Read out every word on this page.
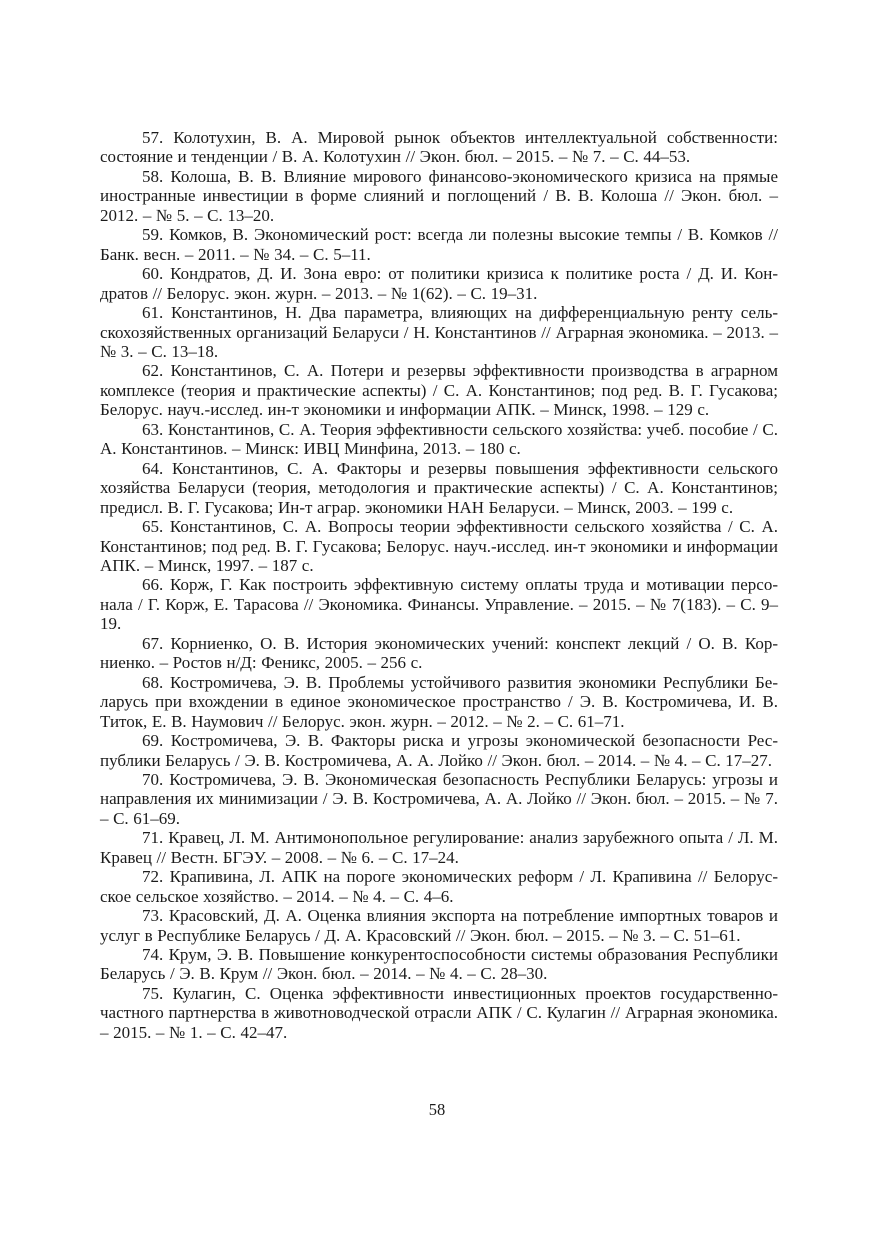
57. Колотухин, В. А. Мировой рынок объектов интеллектуальной собственности: состояние и тенденции / В. А. Колотухин // Экон. бюл. – 2015. – № 7. – С. 44–53.

58. Колоша, В. В. Влияние мирового финансово-экономического кризиса на прямые иностранные инвестиции в форме слияний и поглощений / В. В. Колоша // Экон. бюл. – 2012. – № 5. – С. 13–20.

59. Комков, В. Экономический рост: всегда ли полезны высокие темпы / В. Комков // Банк. весн. – 2011. – № 34. – С. 5–11.

60. Кондратов, Д. И. Зона евро: от политики кризиса к политике роста / Д. И. Кондратов // Белорус. экон. журн. – 2013. – № 1(62). – С. 19–31.

61. Константинов, Н. Два параметра, влияющих на дифференциальную ренту сельскохозяйственных организаций Беларуси / Н. Константинов // Аграрная экономика. – 2013. – № 3. – С. 13–18.

62. Константинов, С. А. Потери и резервы эффективности производства в аграрном комплексе (теория и практические аспекты) / С. А. Константинов; под ред. В. Г. Гусакова; Белорус. науч.-исслед. ин-т экономики и информации АПК. – Минск, 1998. – 129 с.

63. Константинов, С. А. Теория эффективности сельского хозяйства: учеб. пособие / С. А. Константинов. – Минск: ИВЦ Минфина, 2013. – 180 с.

64. Константинов, С. А. Факторы и резервы повышения эффективности сельского хозяйства Беларуси (теория, методология и практические аспекты) / С. А. Константинов; предисл. В. Г. Гусакова; Ин-т аграр. экономики НАН Беларуси. – Минск, 2003. – 199 с.

65. Константинов, С. А. Вопросы теории эффективности сельского хозяйства / С. А. Константинов; под ред. В. Г. Гусакова; Белорус. науч.-исслед. ин-т экономики и информации АПК. – Минск, 1997. – 187 с.

66. Корж, Г. Как построить эффективную систему оплаты труда и мотивации персонала / Г. Корж, Е. Тарасова // Экономика. Финансы. Управление. – 2015. – № 7(183). – С. 9–19.

67. Корниенко, О. В. История экономических учений: конспект лекций / О. В. Корниенко. – Ростов н/Д: Феникс, 2005. – 256 с.

68. Костромичева, Э. В. Проблемы устойчивого развития экономики Республики Беларусь при вхождении в единое экономическое пространство / Э. В. Костромичева, И. В. Титок, Е. В. Наумович // Белорус. экон. журн. – 2012. – № 2. – С. 61–71.

69. Костромичева, Э. В. Факторы риска и угрозы экономической безопасности Республики Беларусь / Э. В. Костромичева, А. А. Лойко // Экон. бюл. – 2014. – № 4. – С. 17–27.

70. Костромичева, Э. В. Экономическая безопасность Республики Беларусь: угрозы и направления их минимизации / Э. В. Костромичева, А. А. Лойко // Экон. бюл. – 2015. – № 7. – С. 61–69.

71. Кравец, Л. М. Антимонопольное регулирование: анализ зарубежного опыта / Л. М. Кравец // Вестн. БГЭУ. – 2008. – № 6. – С. 17–24.

72. Крапивина, Л. АПК на пороге экономических реформ / Л. Крапивина // Белорусское сельское хозяйство. – 2014. – № 4. – С. 4–6.

73. Красовский, Д. А. Оценка влияния экспорта на потребление импортных товаров и услуг в Республике Беларусь / Д. А. Красовский // Экон. бюл. – 2015. – № 3. – С. 51–61.

74. Крум, Э. В. Повышение конкурентоспособности системы образования Республики Беларусь / Э. В. Крум // Экон. бюл. – 2014. – № 4. – С. 28–30.

75. Кулагин, С. Оценка эффективности инвестиционных проектов государственно-частного партнерства в животноводческой отрасли АПК / С. Кулагин // Аграрная экономика. – 2015. – № 1. – С. 42–47.

58
